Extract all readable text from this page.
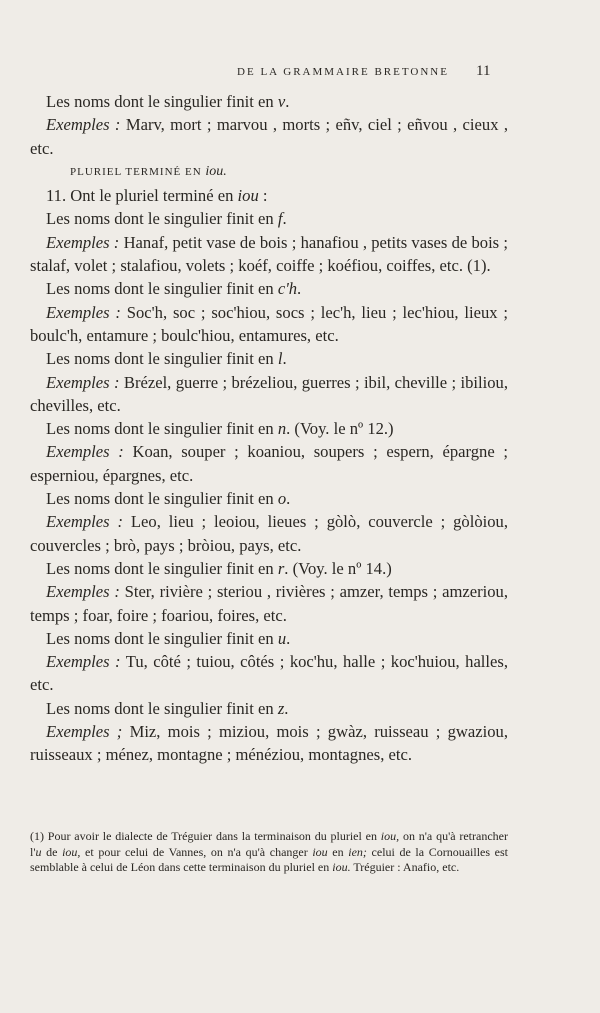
DE LA GRAMMAIRE BRETONNE	11

Les noms dont le singulier finit en v.

Exemples : Marv, mort ; marvou , morts ; eñv, ciel ; eñvou , cieux , etc.

PLURIEL TERMINÉ EN iou.

11. Ont le pluriel terminé en iou :

Les noms dont le singulier finit en f.

Exemples : Hanaf, petit vase de bois ; hanafiou , petits vases de bois ; stalaf, volet ; stalafiou, volets ; koéf, coiffe ; koéfiou, coiffes, etc. (1).

Les noms dont le singulier finit en c'h.

Exemples : Soc'h, soc ; soc'hiou, socs ; lec'h, lieu ; lec'hiou, lieux ; boulc'h, entamure ; boulc'hiou, entamures, etc.

Les noms dont le singulier finit en l.

Exemples : Brézel, guerre ; brézeliou, guerres ; ibil, cheville ; ibiliou, chevilles, etc.

Les noms dont le singulier finit en n. (Voy. le nº 12.)

Exemples : Koan, souper ; koaniou, soupers ; espern, épargne ; esperniou, épargnes, etc.

Les noms dont le singulier finit en o.

Exemples : Leo, lieu ; leoiou, lieues ; gòlò, couvercle ; gòlòiou, couvercles ; brò, pays ; bròiou, pays, etc.

Les noms dont le singulier finit en r. (Voy. le nº 14.)

Exemples : Ster, rivière ; steriou , rivières ; amzer, temps ; amzeriou, temps ; foar, foire ; foariou, foires, etc.

Les noms dont le singulier finit en u.

Exemples : Tu, côté ; tuiou, côtés ; koc'hu, halle ; koc'huiou, halles, etc.

Les noms dont le singulier finit en z.

Exemples ; Miz, mois ; miziou, mois ; gwàz, ruisseau ; gwaziou, ruisseaux ; ménez, montagne ; ménéziou, montagnes, etc.

(1) Pour avoir le dialecte de Tréguier dans la terminaison du pluriel en iou, on n'a qu'à retrancher l'u de iou, et pour celui de Vannes, on n'a qu'à changer iou en ien; celui de la Cornouailles est semblable à celui de Léon dans cette terminaison du pluriel en iou. Tréguier : Anafio, etc.
